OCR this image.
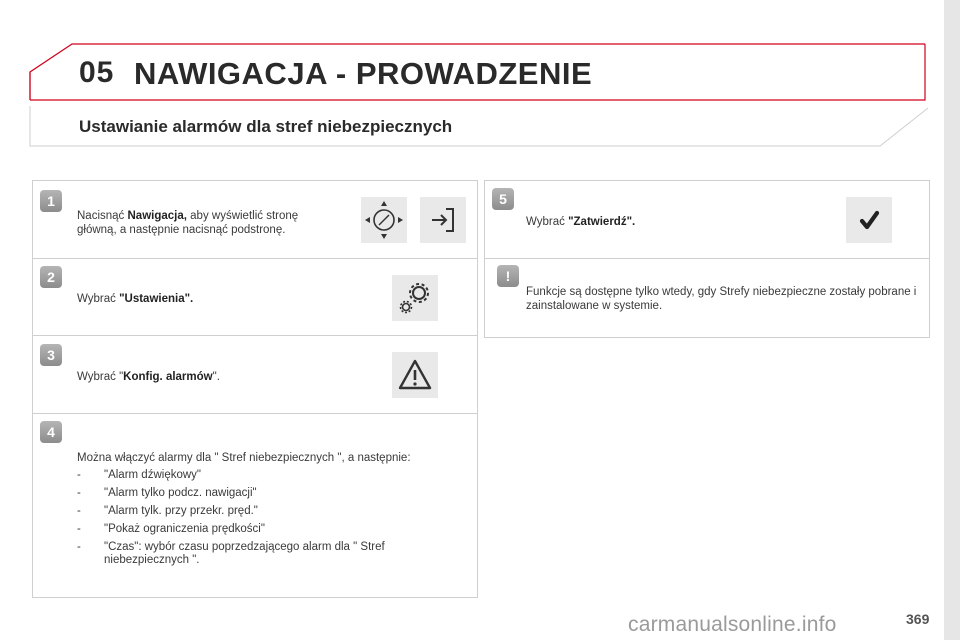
05 NAWIGACJA - PROWADZENIE
Ustawianie alarmów dla stref niebezpiecznych
1
Nacisnąć Nawigacja, aby wyświetlić stronę główną, a następnie nacisnąć podstronę.
2
Wybrać "Ustawienia".
3
Wybrać "Konfig. alarmów".
4
Można włączyć alarmy dla " Stref niebezpiecznych ", a następnie:
- "Alarm dźwiękowy"
- "Alarm tylko podcz. nawigacji"
- "Alarm tylk. przy przekr. pręd."
- "Pokaż ograniczenia prędkości"
- "Czas": wybór czasu poprzedzającego alarm dla " Stref niebezpiecznych ".
5
Wybrać "Zatwierdź".
!
Funkcje są dostępne tylko wtedy, gdy Strefy niebezpieczne zostały pobrane i zainstalowane w systemie.
carmanualsonline.info	369
